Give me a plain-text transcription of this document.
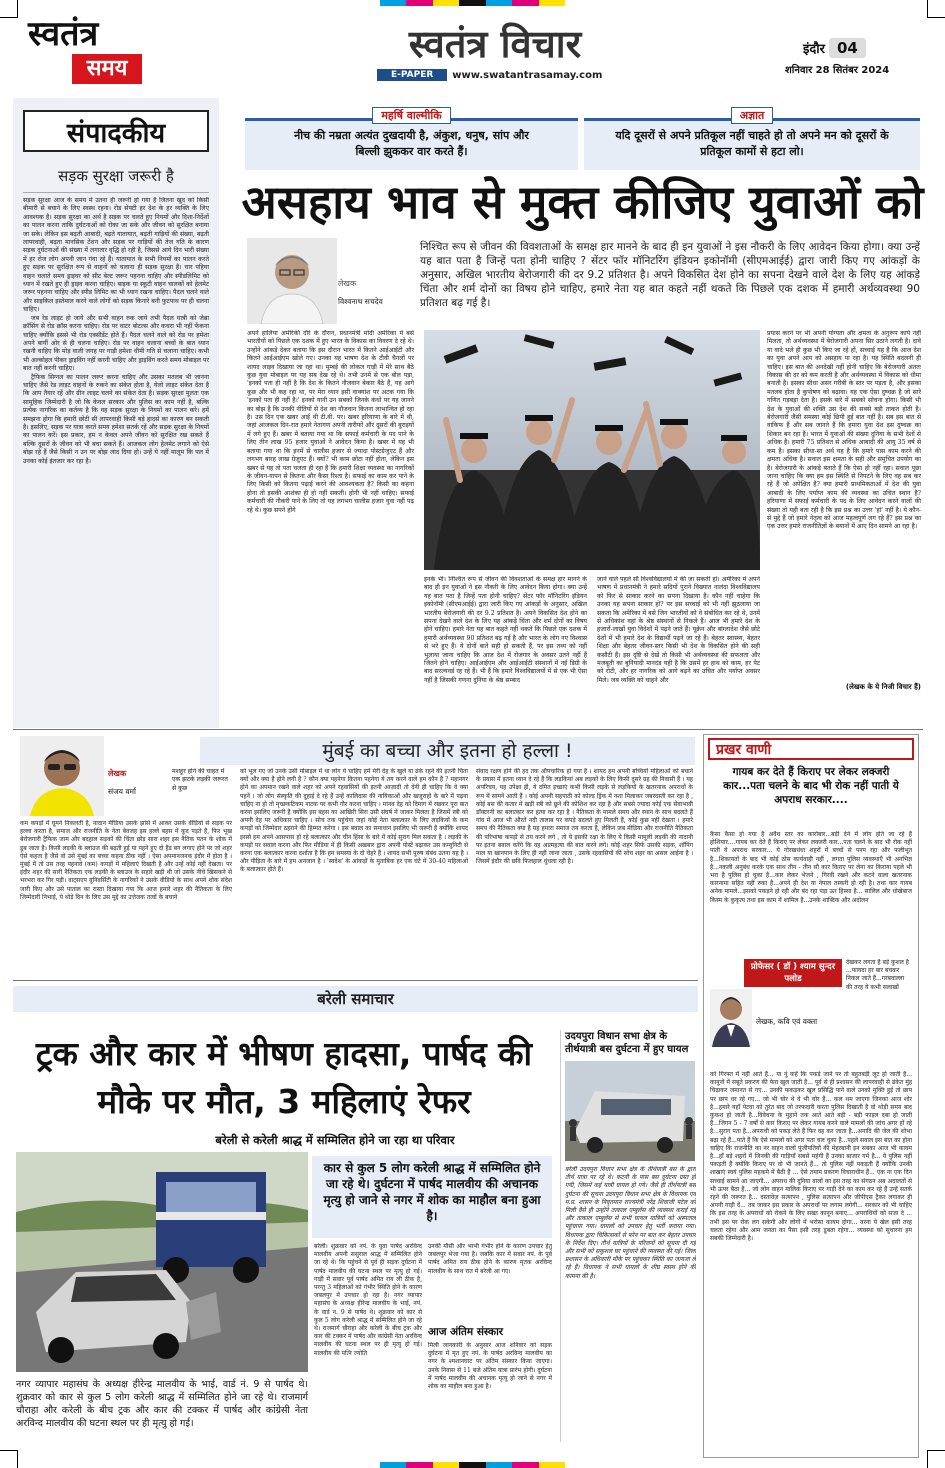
स्वतंत्र
समय
स्वतंत्र विचार
E-PAPER	www.swatantrasamay.com
इंदौर 04
शनिवार 28 सितंबर 2024
संपादकीय
सड़क सुरक्षा जरूरी है

सड़क सुरक्षा आज के समय में उतना ही जरूरी हो गया है जितना खुद को किसी बीमारी से बचाने के लिए स्वस्थ रहना। रोड सेफ्टी हर देश के हर व्यक्ति के लिए आवश्यक है। सड़क सुरक्षा का अर्थ है सड़क पर चलते हुए नियमों और दिशा-निर्देशों का पालन करना ताकि दुर्घटनाओं को रोका जा सके और जीवन को सुरक्षित बनाया जा सके। लेकिन इस बढ़ती आबादी, बढ़ते यातायात, बढ़ती गाड़ियों की संख्या, बढ़ती लापरवाही, बढ़ता मानसिक टेंशन और सड़क पर गाड़ियों की तेज गति के कारण सड़क दुर्घटनाओं की संख्या में लगातार वृद्धि हो रही है, जिससे आये दिन भारी संख्या में हर रोज लोग अपनी जान गंवा रहे हैं। यातायात के सभी नियमों का पालन करते हुए सड़क पर सुरक्षित रूप से वाहनों को चलाना ही सड़क सुरक्षा है। चार पहिया वाहन चलाते समय ड्राइवर को सीट बेल्ट जरूर पहनना चाहिए और स्पीडलिमिट को ध्यान में रखते हुए ही ड्राइव करना चाहिए। बाइक या स्कूटी वाहन चालकों को हेलमेट जरूर पहनना चाहिए और स्पीड लिमिट का भी ध्यान रखना चाहिए। पैदल चलने वाले और साइकिल इस्तेमाल करने वाले लोगों को सड़क किनारे बनी फुटपाथ पर ही चलना चाहिए।

जब रेड लाइट हो जाये और सभी वाहन रुक जाये तभी पैदल यात्री को जेब्रा क्रॉसिंग से रोड क्रॉस करना चाहिए। रोड पर वाटर बोटल्स और कचरा भी नहीं फेंकना चाहिए क्योंकि इससे भी रोड एक्सीडेंट होते हैं। पैदल चलने वाले को रोड पर हमेशा अपने बायीं ओर से ही चलना चाहिए। रोड पर वाहन चलाना बच्चों के बात ध्यान रखनी चाहिए कि मोड़ वाली जगह पर गाड़ी हमेशा धीमी गति से चलाना चाहिए। कभी भी अल्कोहल पीकर ड्राइविंग नहीं करनी चाहिए और ड्राइविंग करते समय मोबाइल पर बात नहीं करनी चाहिए।

ट्रैफिक सिग्नल का पालन जरूर करना चाहिए और उसका मतलब भी जानना चाहिए जैसे रेड लाइट वाहनों के रुकने का संकेत होता है, येलो लाइट संकेत देता है कि आप तैयार रहें और ग्रीन लाइट चलने का संकेत देता है। सड़क सुरक्षा मूलतः एक सामूहिक जिम्मेदारी है जो कि केवल सरकार और पुलिस का काम नहीं है, बल्कि प्रत्येक नागरिक का कर्तव्य है कि वह सड़क सुरक्षा के नियमों का पालन करे। हमें समझना होगा कि हमारी छोटी सी लापरवाही किसी बड़े हादसे का कारण बन सकती है। इसलिए, सड़क पर यात्रा करते समय हमेशा सतर्क रहें और सड़क सुरक्षा के नियमों का पालन करें। इस प्रकार, हम न केवल अपने जीवन को सुरक्षित रख सकते हैं बल्कि दूसरों के जीवन को भी बचा सकते हैं। आजकल लोग हेलमेट लगाने को ऐसे बोझ रहे हैं जैसे किसी न उन पर बोझ लाद दिया हो। उन्हें ये नहीं मालूम कि पल में उनका कोई इंतजार कर रहा है।

महर्षि वाल्मीकि
नीच की नम्रता अत्यंत दुखदायी है, अंकुश, धनुष, सांप और बिल्ली झुककर वार करते हैं।
अज्ञात
यदि दूसरों से अपने प्रतिकूल नहीं चाहते हो तो अपने मन को दूसरों के प्रतिकूल कामों से हटा लो।
असहाय भाव से मुक्त कीजिए युवाओं को
लेखक
विश्वनाथ सचदेव
निश्चित रूप से जीवन की विवशताओं के समक्ष हार मानने के बाद ही इन युवाओं ने इस नौकरी के लिए आवेदन किया होगा। क्या उन्हें यह बात पता है जिन्हें पता होनी चाहिए ? सेंटर फॉर मॉनिटरिंग इंडियन इकोनॉमी (सीएमआईई) द्वारा जारी किए गए आंकड़ों के अनुसार, अखिल भारतीय बेरोजगारी की दर 9.2 प्रतिशत है। अपने विकसित देश होने का सपना देखने वाले देश के लिए यह आंकड़े चिंता और शर्म दोनों का विषय होने चाहिए, हमारे नेता यह बात कहते नहीं थकते कि पिछले एक दशक में हमारी अर्थव्यवस्था 90 प्रतिशत बढ़ गई है।
अपने हालिया अमेरिकी दौरे के दौरान, प्रधानमंत्री मोदी अमेरिका में बसे भारतीयों को पिछले एक दशक में हुए भारत के विकास का विवरण दे रहे थे। उन्होंने आंकड़े देकर बताया कि इस दौरान भारत में कितने आईआईटी और कितने आईआईएम खोले गए। उनका यह भाषण देश के टीवी चैनलों पर शायद लाइव दिखाया जा रहा था। मुम्बई की लोकल गाड़ी में मेरे साथ बैठे कुछ युवा मोबाइल पर यह सब देख रहे थे। तभी उनमें से एक बोल पड़ा, 'इनको पता ही नहीं है कि देश के कितने नौजवान बेकार बैठे हैं, यह आगे कुछ और भी कह रहा था, पर मेरा ध्यान इसी वाक्यांश पर अटक गया कि 'इनको पता ही नहीं है।' इनको यानी उन सबको जिनके कंधों पर यह जानने का बोझ है कि उनकी नीतियों से देश का नौजवान कितना लाभान्वित हो रहा है। उस दिन एक खबर आई थी टी.वी. पर। खबर हरियाणा के बारे में थी, जहां आजकल दिन-रात हमारे नेतागण अपनी तारीफों और दूसरों की बुराइयों में लगे हुए हैं। खबर में बताया गया था कि सफाई कर्मचारी के पद पाने के लिए तीन लाख 95 हजार युवाओं ने आवेदन किया है। खबर में यह भी बताया गया था कि इनमें से चालीस हजार से ज्यादा पोस्टग्रेजुएट हैं और लगभग बारह लाख ग्रेजुएट हैं। क्यों? भी काम छोटा नहीं होता, लेकिन इस खबर से यह तो पता चलता ही रहा है कि हमारी शिक्षा व्यवस्था का नागरिकों के जीवन-यापन से कितना और कैसा रिश्ता है। सफाई का काम कर पाने के लिए किसी को कितना पढ़ाई करने की आवश्यकता है? किसी का कहना होना तो इसकी आशंका ही हो नहीं सकती। होनी भी नहीं चाहिए। सफाई कर्मचारी की नौकरी पाने के लिए तो यह लगभग चालीस हजार युवा नहीं पढ़ रहे थे। कुछ सपने होंगे
इनके भी। निश्चित रूप से जीवन की विवशताओं के समक्ष हार मानने के बाद ही इन युवाओं ने इस नौकरी के लिए आवेदन किया होगा। क्या उन्हें यह बात पता है जिन्हें पता होनी चाहिए? सेंटर फॉर मॉनिटरिंग इंडियन इकोनॉमी (सीएमआईई) द्वारा जारी किए गए आंकड़ों के अनुसार, अखिल भारतीय बेरोजगारी की दर 9.2 प्रतिशत है। अपने विकसित देश होने का सपना देखने वाले देश के लिए यह आंकड़े चिंता और शर्म दोनों का विषय होने चाहिए। हमारे नेता यह बात कहते नहीं थकते कि पिछले एक दशक में हमारी अर्थव्यवस्था 90 प्रतिशत बढ़ गई है और भारत के लोग नए विश्वास से भरे हुए हैं। ये दोनों बातें सही हो सकती हैं, पर इस तथ्य को नहीं भुलाया जाना चाहिए कि आज देश में रोजगार के अवसर उतने नहीं हैं जितने होने चाहिए। आईआईएम और आईआईटी संस्थानों में नई डिग्री के बाद सरल्यवर्ड रह रहे हैं। भी हैं कि हमारे विश्वविद्यालयों में से एक भी ऐसा नहीं है जिसकी गणना दुनिया के श्रेष्ठ सम्बाद
जाने वाले पहले सौ विश्वविद्यालयों में की जा सकती हो। अमेरिका में अपने भाषण में प्रधानमंत्री ने हमारे सदियों पुराने विख्यात नालंदा विश्वविद्यालय को फिर से साकार करने का सपना दिखाया है। कौन नहीं चाहेगा कि उनका यह सपना साकार हो? पर इस सच्चाई को भी नहीं झुठलाया जा सकता कि अमेरिका में बसे जिन भारतीयों को वे संबोधित कर रहे थे, उनमें से अधिकांश वहां के श्रेष्ठ संस्थानों से निकले हैं। आज भी हमारे देश के हजारों-लाखों युवा विदेशों में पढ़ने जाते हैं। यूक्रेन और बांग्लादेश जैसे छोटे देशों में भी हमारे देश के विद्यार्थी पढ़ने जा रहे हैं। बेहतर स्वास्थ्य, बेहतर शिक्षा और बेहतर जीवन-स्तर किसी भी देश के विकसित होने की सही कसौटी हैं। इस दृष्टि से देखें तो किसी भी अर्थव्यवस्था की सफलता और मजबूती का बुनियादी मानदंड यही है कि उसमें हर हाथ को काम, हर पेट को रोटी, और हर नागरिक को आगे बढ़ने का उचित और पर्याप्त अवसर मिले। जब व्यक्ति को चाहने और
प्रयास करने पर भी अपनी योग्यता और क्षमता के अनुरूप कार्य नहीं मिलता, तो अर्थव्यवस्था में बेरोजगारी अपना सिर उठाने लगती है। दावे या वादे भले ही कुछ भी किए जा रहे हों, सच्चाई यह है कि आज देश का युवा अपने आप को असहाय पा रहा है। यह स्थिति बदलनी ही चाहिए। इस बात की अनदेखी नहीं होनी चाहिए कि बेरोजगारी अंततः विकास की दर को कम करती है और अर्थव्यवस्था में विकास को धीमा बनाती है। इसका सीधा असर गरीबी के स्तर पर पड़ता है, और इसका मतलब होता है कुपोषण को बढ़ावा। यह एक ऐसा दुष्चक्र है जो सारे गणित गड़बड़ा देता है। इसके बारे में सबको सोचना होगा। किसी भी देश के युवाओं की शक्ति उस देश की सबसे बड़ी ताकत होती है। बेरोजगारी जैसी समस्या कोई छिपी हुई बात नहीं है। सब इस बात से वाकिफ हैं और सब जानते हैं कि हमारा युवा देश इस दुष्चक्र का शिकार बन रहा है। भारत में युवाओं की संख्या दुनिया के सभी देशों से अधिक है। हमारी 75 प्रतिशत से अधिक आबादी की आयु 35 वर्ष से कम है। इसका सीधा-सा अर्थ यह है कि हमारे पास काम करने की क्षमता अधिक है। सवाल इस क्षमता के सही और समुचित उपयोग का है। बेरोजगारी के आंकड़े बताते हैं कि ऐसा हो नहीं रहा। सवाल पूछा जाना चाहिए कि क्या हम इस स्थिति से निपटने के लिए वह सब कर रहे हैं जो अपेक्षित है? क्या हमारी प्राथमिकताओं में देश की युवा आबादी के लिए पर्याप्त काम की व्यवस्था का उचित स्थान है? हरियाणा में सफाई कर्मचारी के पद के लिए आवेदन करने वालों की संख्या तो यही बता रही है कि इस प्रश्न का उत्तर 'हां' नहीं है। ये कौन-से मुद्दे हैं जो हमारे नेतृत्व को आज महत्वपूर्ण लग रहे हैं? इस प्रश्न का एक उत्तर हमारे राजनीतिज्ञों के बयानों में आए दिन सामने आ रहा है।
(लेखक के ये निजी विचार हैं)
लेखक
संजय वर्मा
मुंबई का बच्चा और इतना हो हल्ला !
मशहूर होने की चाहत में एक झटके लड़की जरूरत से कुछ
कम कपड़ों में घूमने निकलती है, नादान मीडिया उसके झांसे में आकर उसके वीडियो से सड़क पर हल्ला करता है, समाज और राजनीति के नेता बेवजह इस हल्ले बहस में कूद पड़ते हैं, फिर भूख बेरोजगारी ट्रैफिक जाम और बदहाल सड़कों की चिंता छोड़ सारा शहर इस नैतिक पतन के शोक में डूब जाता है। किसी लड़की के ब्लाउज की बढ़ती हुई या पहने हुए दो हैंड बग लगाए होने पर जो शहर ऐसे कहता है जैसे वो उसे मुंबई का बच्चा कहना ठीक नहीं । ऐसा अपमानजनक इंदौर में होता है । मुंबई में तो उस तरह पहनावे (कम) कपड़ों में महिलाएं दिखती हैं और उन्हें कोई नहीं देखता। पर इंदौर शहर की सारी नैतिकता एक लड़की के ब्लाउज के सहारे खड़ी थी जो उसके नीचे खिसकने से भरभरा कर गिर पड़ी। वाट्सएप यूनिवर्सिटी के नागरिकों ने उसके वीडियो के साथ अपने शोक संदेश जारी किए और उसे पाताल का रास्ता दिखाया गया कि आज हमारे शहर की नैतिकता के लिए जिम्मेदारी निभाई, ये थोड़े दिन के लिए उस मुद्दे का उत्तेजक तत्वों के बचाने
को भूल गए जो उनके उसी मोबाइल में था लोग ये चाहिए हमें मेरी देह के खुले या ढंके रहने की इतनी चिंता क्यों और क्या है होने लगी है ? कौन क्या पहनेगा कितना पहनेगा ये तय करने वाले हम कौन हैं ? महानगर होने का अपमान रखने वाले शहर को अपने रहवासियों की इतनी आज़ादी तो देनी ही चाहिए कि वे क्या पहनें । जो लोग संस्कृति की दुहाई दे रहे हैं उन्हें कालिदास की नायिकाओं और खजुराहो के बारे में पढ़ना चाहिए ना हो तो मृच्छकटिकम नाटक पर कभी गौर करना चाहिए । मानव देह को दिमाग में रखकर पूरा बात करना इसलिए जरूरी है क्योंकि इस बहस का आखिरी सिरा उसी संघर्ष में जाकर मिलता है जिसमें स्त्री को अपनी देह पर अधिकार चाहिए । सोच तक पहुंचेगा जहां कोई नेता बलात्कार के लिए लड़कियों के कम कपड़ों को जिम्मेदार ठहराने की हिम्मत करेगा । इस बवाल का समाधान इसलिए भी जरूरी है क्योंकि शायद इससे हम अपने आसपास हो रहे बलात्कार और चीन हिंसा के बारे में कोई सुराग मिल सकता है । लड़की के कपड़ों पर सवाल करना और फिर मीडिया में ही किसी अखबार द्वारा अपनी पोस्टें बढ़ाकर उस कम्युनिटी से करना एक बलात्कार करना दर्शाता है कि हम समस्या के दो चेहरे हैं । शायद सभी पुरुष संबंध उतना यह है । और पीड़िता के बारे में हम अनजान है । 'स्वदेश' के आंकड़ों के मुताबिक हर एक घंटे में 30-40 महिलाओं के बलात्कार होते हैं।
संवाद रक्षण होने की हद तक औपचारिक हो गया है । शायद हम अपनी बच्चियों महिलाओं को बचाने के प्रयास में इतना ध्यान दे रहे हैं कि लड़कियां अब लड़कों के लिए किसी दुसरे ग्रह की निवासी हैं । यह अपरिचय, यह उपेक्षा ही, ये दमित इच्छाएं कभी किसी लड़के से लड़कियों के खतरनाक अपराधों के रूप में सामने आती हैं । कोई अपनी सहपाठी को कोल्ड ड्रिंक में नशा मिलाकर जबरदस्ती कर रहा है , कोई बस की कतार में खड़ी स्त्री को छूने की कोशिश कर रहा है और सबसे ज्यादा कोई एक सेवाभावी डॉक्टरनी का बलात्कार कर हत्या कर रहा है । नैतिकता के मामले समय और स्थान के साथ बदलते हैं गांव में आज भी औरतें नदी तालाब पर कपड़े बदलते हुए मिलती हैं, कोई कुछ नहीं देखता । हमारे समय की नैतिकता क्या है यह हमारा समाज तय करता है, लेकिन जब मीडिया और राजनीति नैतिकता की परिभाषा कपड़ों से तय करने लगे , तो ये इसकी रक्षा के लिए ये किसी मामूली लड़की की नादानी पर इतना बवाल करेंगे कि वह आत्महत्या की बात करने लगे। कोई शहर सिर्फ उसकी सड़क, शॉपिंग माल या खानपान के लिए ही नहीं जाना जाता , उसके रहवासियों की सोच शहर का असल आईना है । जिसमें इंदौर की छवि फिलहाल धुंधला रही है।
प्रखर वाणी
गायब कर देते हैं किराए पर लेकर लक्जरी कार...पता चलने के बाद भी रोक नहीं पाती ये अपराध सरकार....
कैसा कैसा हो गया है अवैध स्तर का कारोबार...बड़ी देने में लोग होते जा रहे हैं होशियार....गायब कर देते हैं किराए पर लेकर लक्जरी कार...पता चलने के बाद भी रोक नहीं पाती ये अपराध सरकार... ये गोरखधंधा शहरों में बच्चों से पनप रहा और फलीभूत है...शिकायतों के बाद भी कोई ठोस कार्यवाही नहीं , लगता पुलिस व्यवस्थाएँ भी अनभिज्ञ है...नकली अनुबंध करके एक साथ तीन - तीन सौ कार किराए पर लेना का किराया पहले भी भरा है पुलिस हो चुका है...कार लेकर भेजने , गिरवी रखने और कटने वाला खतरनाक कारनामा सहित नहीं रुका है...अपने ही देश या नेपाल तस्करी हो रही है। तथा कार गायब अनेक मामले...इसको पकड़ने हो रही और बंद रहा पड़ा ऊर हिस्सा है... सालिल और धोखेबाज किस्म के कुकृत्य तथा इस काम में शामिल है...उनके शाब्दिक और अदोलन
प्रोफेसर ( डॉ ) श्याम सुन्दर पलोड
लेखक, कवि एवं वक्ता
देखकर लगता है बड़े कुशल है ...फायदा हर बार बचकर निकल जाते हैं...गरबवाल्ला की तरह ये कभी सलाखों
को गिरफ्त में नहीं आते हैं... या नूं कहें कि पकड़े जाने पर तो बहुतबड़ी लूट हो जाती है... कानूनों में सबूते प्रकरण की फेरा खुल जाती है... पूर्व से ही प्रशासन की लापरवाही से ढंकेत मुंह चिढ़ाकर जमानत से गए... उनकी फकड़कर खुल प्रसिद्धि पाने वाले उनको मुक्ति हुई तो छाप पर छाप धर रहे गए... जो भी चोर थे वे भी चोर हैं... कल थम जाएगा जिनका आज शोर है...हमारे यहाँ पेटवा को तुरंत बाद जो तरफदारी करता पुलिस दिखाती है वो थोड़ी समय बाद कुकश हो जाती है...विवेचना के मुहाने तक आते आते बड़ी - बड़ी फाइल दबा हो जाती हैं...जिगन 5 - 7 वर्षों से कार किराए पर लेकर गायब करने वाले मामलों की जांच अगर हों रहे है...सुराग पता है...अपराधी को पकड़ लेते हैं फिर वह कर जाता है...अनादि की जेल की शोभा बढ़ा रहे हैं...पाते हैं कि ऐसे मामलों को अगर पता चल चुका है...पहले सवाल इस बात का होना चाहिए कि राजनीति का नर वाहन वालों पूंजीपतियों की मेहरबानी इन सबका आज भी कायम है...हाँ बड़े शहरों में जिनकी की गाड़ियाँ सबसे महंगी हैं उनका बाजार गर्म है... ये पुलिस नहीं पकड़ती हैं क्योंकि किराए पर वो भी जानते हैं... तो पुलिस नहीं पकड़ती हैं क्योंकि उनकी शाखाएं स्वयं पुलिस महकमे में बैठी हैं ... ऐसे तमाम प्रकरण विचाराधीन हैं... एक ना एक दिन सच्चाई सामने आ जाएगी... अपराध की दुनिया वालों का इस तरह का संगठन अब अदालतों से भी ऊपर बैठा है... जो लोग वाहन मालिक किराए पर गाड़ी देने का काम कर रहे हैं उन्हें सतर्क रहने की जरूरत है... दस्तावेज़ सत्यापन , पुलिस सत्यापन और जीपीएस ट्रैकर लगाकर ही अपनी गाड़ी दें... तब जाकर इस प्रकार के अपराधों पर लगाम लगेगी... सरकार को भी चाहिए कि इस तरह के अपराधों को रोकने के लिए सख्त कानून बनाए... अपराधियों को सजा दे ... तभी इस पर रोक लग सकेगी और लोगों में भरोसा कायम होगा... वरना ये खेल इसी तरह चलता रहेगा और आम जनता का पैसा इसी तरह डूबता रहेगा... व्यवस्था को सुधारना हम सबकी जिम्मेदारी है।
बरेली समाचार
ट्रक और कार में भीषण हादसा, पार्षद की मौके पर मौत, 3 महिलाएं रेफर
बरेली से करेली श्राद्ध में सम्मिलित होने जा रहा था परिवार
कार से कुल 5 लोग करेली श्राद्ध में सम्मिलित होने जा रहे थे। दुर्घटना में पार्षद मालवीय की अचानक मृत्यु हो जाने से नगर में शोक का माहौल बना हुआ है।
बरेली। शुक्रवार को नपं. के युवा पार्षद अरविन्द मालवीय अपनी ससुराल श्राद्ध में सम्मिलित होने जा रहे थे। कि पहुंचने से पूर्व ही सड़क दुर्घटना में पार्षद मालवीय की घटना स्थल पर मृत्यु हो गई। गाड़ी में सवार पूर्व पार्षद अमित राय ली ठीक है, परन्तु 3 महिलाओं को गंभीर स्थिति होने के कारण जबलपुर में उपचार हो रहा है। नगर व्यापार महासंघ के अध्यक्ष हीरेन्द्र मालवीय के भाई, नपं. के वार्ड न. 9 से पार्षद थे। शुक्रवार को कार से कुल 5 लोग करेली श्राद्ध में सम्मिलित होने जा रहे थे। राजमार्ग चौराहा और करेली के बीच ट्रक और कार की टक्कर में पार्षद और कांग्रेसी नेता अरविन्द मालवीय की घटना स्थल पर ही मृत्यु हो गई। मालवीय की पत्नि ज्योति
उनकी मौसी और भाभी गंभीर होने के कारण उपचार हेतु जबलपुर भेजा गया है। जबकि कार में सवार नपं. के पूर्व पार्षद अमित राय ठीक होने के कारण मृतक अरविन्द मालवीय के साथ रात में बरेली आ गए।
आज अंतिम संस्कार
मिली जानकारी के अनुसार आज शनिवार को सड़क दुर्घटना में मृत हुए नपं. के पार्षद अरविन्द मालवीय का नगर के श्मशानघाट पर अंतिम संस्कार किया जाएगा। उनके निवास से 11 बजे अंतिम यात्रा प्रारंभ होगी। दुर्घटना में पार्षद मालवीय की अचानक मृत्यु हो जाने से नगर में शोक का माहौल बना हुआ है।
नगर व्यापार महासंघ के अध्यक्ष हीरेन्द्र मालवीय के भाई, वार्ड नं. 9 से पार्षद थे। शुक्रवार को कार से कुल 5 लोग करेली श्राद्ध में सम्मिलित होने जा रहे थे। राजमार्ग चौराहा और करेली के बीच ट्रक और कार की टक्कर में पार्षद और कांग्रेसी नेता अरविन्द मालवीय की घटना स्थल पर ही मृत्यु हो गई।
उदयपुरा विधान सभा क्षेत्र के तीर्थयात्री बस दुर्घटना में हुए घायल
बरेली उदयपुरा विधान सभा क्षेत्र के तीर्थयात्री बस के द्वारा तीर्थ यात्रा पर रहे थे। कटनी के पास बस दुर्घटना ग्रस्त हो गयी, जिसमें कई यात्री घायल हो गये। जैसे ही तीर्थयात्री बस दुर्घटना की सूचना उदयपुरा विधान सभा क्षेत्र के विधायक एवं म.प्र. शासन के निवृतमान राज्यमंत्री नरेंद्र शिवाजी पटेल को मिली वैसे ही उन्होंने तत्काल एम्बुलेंस की व्यवस्था कराई गई और तत्काल एम्बुलेंस से सभी घायल यात्रियों को अस्पताल पहुंचाया गया। घायलों को उपचार हेतु भर्ती कराया गया। विधायक द्वारा चिकित्सकों से फोन पर बात कर बेहतर उपचार के निर्देश दिए। तीर्थ यात्रियों के परिजनों को सूचना दी गई और सभी को सकुशल घर पहुंचाने की व्यवस्था की गई। जिला प्रशासन के अधिकारी मौके पर पहुंचकर स्थिति का जायजा ले रहे हैं। विधायक ने सभी घायलों के शीघ्र स्वस्थ होने की कामना की है।
